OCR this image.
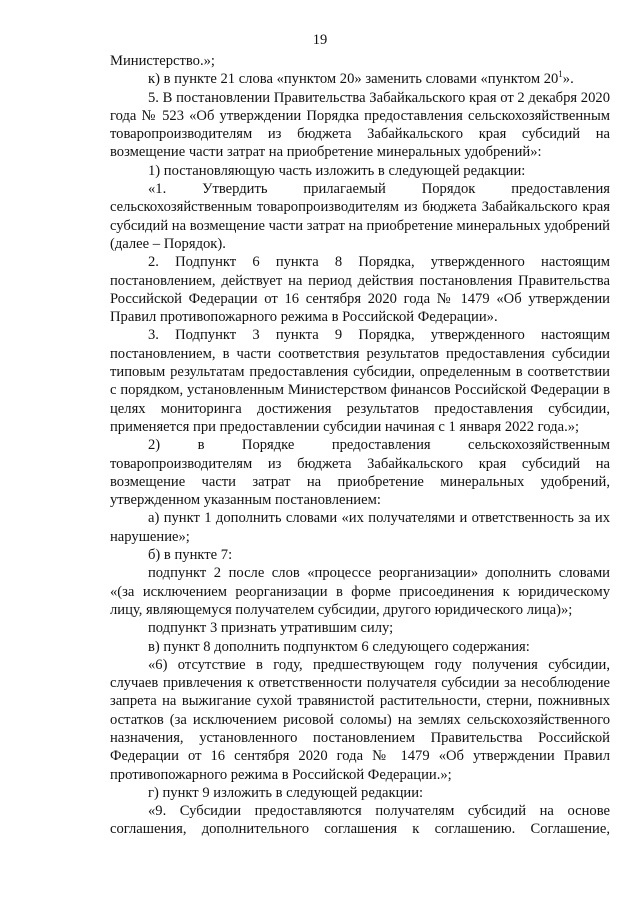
19

Министерство.»;

к) в пункте 21 слова «пунктом 20» заменить словами «пунктом $20^1$».

5. В постановлении Правительства Забайкальского края от 2 декабря 2020 года № 523 «Об утверждении Порядка предоставления сельскохозяйственным товаропроизводителям из бюджета Забайкальского края субсидий на возмещение части затрат на приобретение минеральных удобрений»:

1) постановляющую часть изложить в следующей редакции:

«1. Утвердить прилагаемый Порядок предоставления сельскохозяйственным товаропроизводителям из бюджета Забайкальского края субсидий на возмещение части затрат на приобретение минеральных удобрений (далее – Порядок).

2. Подпункт 6 пункта 8 Порядка, утвержденного настоящим постановлением, действует на период действия постановления Правительства Российской Федерации от 16 сентября 2020 года № 1479 «Об утверждении Правил противопожарного режима в Российской Федерации».

3. Подпункт 3 пункта 9 Порядка, утвержденного настоящим постановлением, в части соответствия результатов предоставления субсидии типовым результатам предоставления субсидии, определенным в соответствии с порядком, установленным Министерством финансов Российской Федерации в целях мониторинга достижения результатов предоставления субсидии, применяется при предоставлении субсидии начиная с 1 января 2022 года.»;

2) в Порядке предоставления сельскохозяйственным товаропроизводителям из бюджета Забайкальского края субсидий на возмещение части затрат на приобретение минеральных удобрений, утвержденном указанным постановлением:

а) пункт 1 дополнить словами «их получателями и ответственность за их нарушение»;

б) в пункте 7:

подпункт 2 после слов «процессе реорганизации» дополнить словами «(за исключением реорганизации в форме присоединения к юридическому лицу, являющемуся получателем субсидии, другого юридического лица)»;

подпункт 3 признать утратившим силу;

в) пункт 8 дополнить подпунктом 6 следующего содержания:

«6) отсутствие в году, предшествующем году получения субсидии, случаев привлечения к ответственности получателя субсидии за несоблюдение запрета на выжигание сухой травянистой растительности, стерни, пожнивных остатков (за исключением рисовой соломы) на землях сельскохозяйственного назначения, установленного постановлением Правительства Российской Федерации от 16 сентября 2020 года № 1479 «Об утверждении Правил противопожарного режима в Российской Федерации.»;

г) пункт 9 изложить в следующей редакции:

«9. Субсидии предоставляются получателям субсидий на основе соглашения, дополнительного соглашения к соглашению. Соглашение,
